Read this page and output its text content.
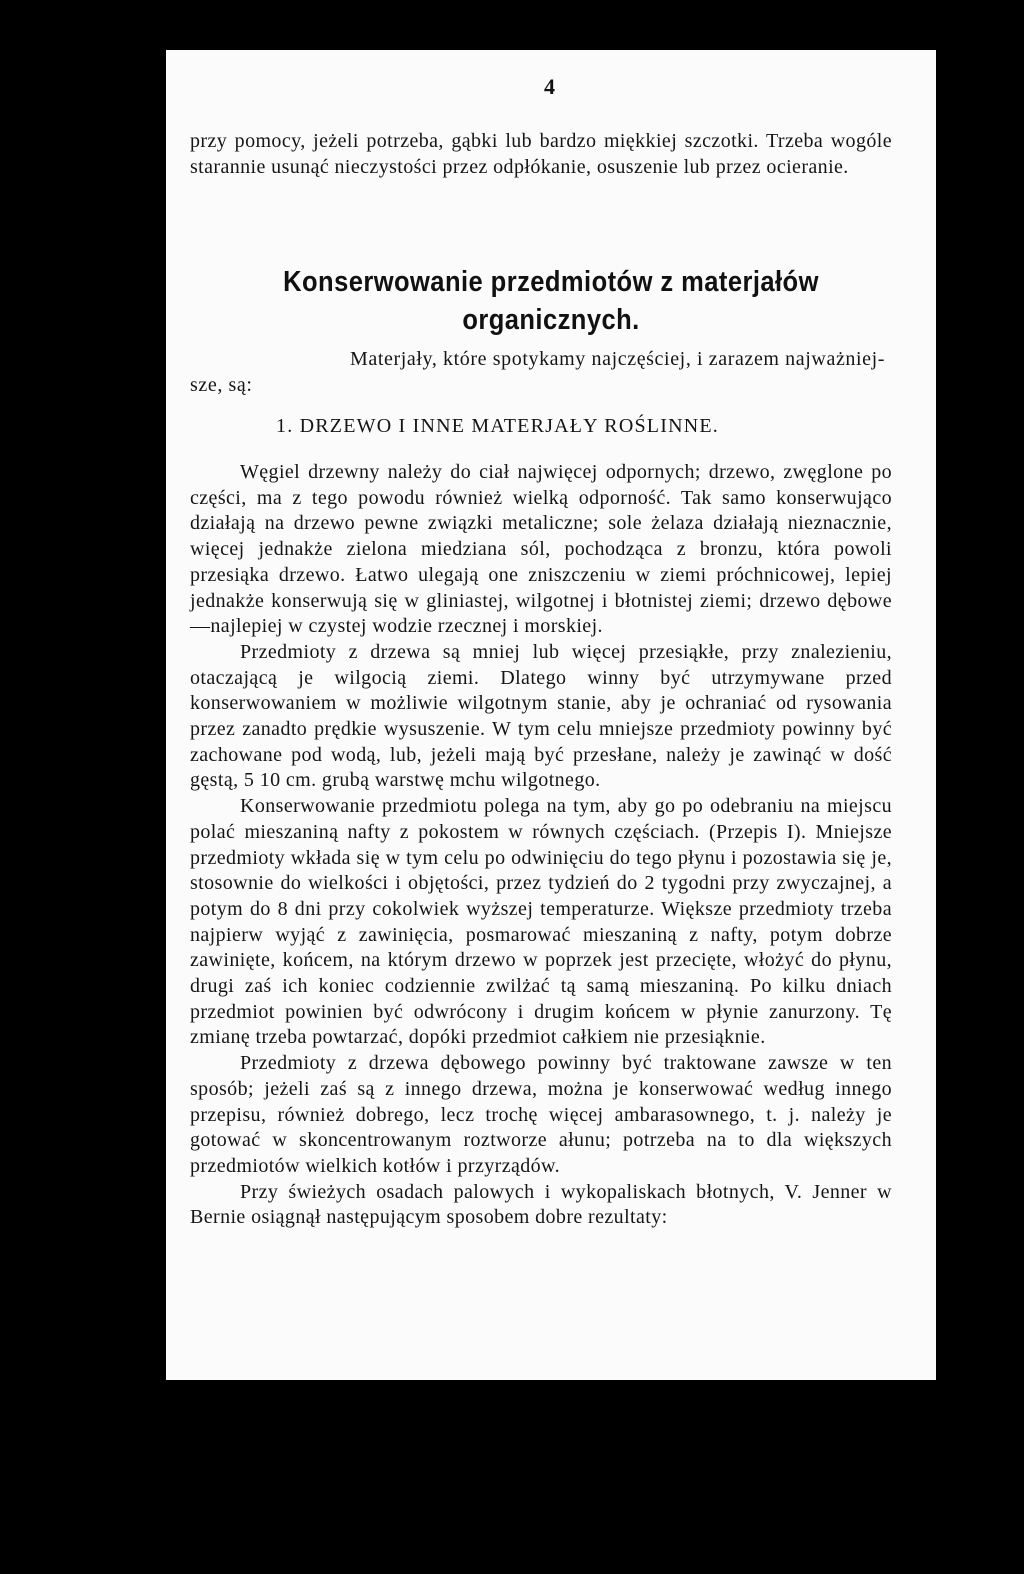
4
przy pomocy, jeżeli potrzeba, gąbki lub bardzo miękkiej szczotki. Trzeba wogóle starannie usunąć nieczystości przez odpłókanie, osuszenie lub przez ocieranie.
Konserwowanie przedmiotów z materjałów
organicznych.
Materjały, które spotykamy najczęściej, i zarazem najważniej-
sze, są:
1. DRZEWO I INNE MATERJAŁY ROŚLINNE.

Węgiel drzewny należy do ciał najwięcej odpornych; drzewo, zwęglone po części, ma z tego powodu również wielką odporność. Tak samo konserwująco działają na drzewo pewne związki metaliczne; sole żelaza działają nieznacznie, więcej jednakże zielona miedziana sól, pochodząca z bronzu, która powoli przesiąka drzewo. Łatwo ulegają one zniszczeniu w ziemi próchnicowej, lepiej jednakże konserwują się w gliniastej, wilgotnej i błotnistej ziemi; drzewo dębowe—najlepiej w czystej wodzie rzecznej i morskiej.

Przedmioty z drzewa są mniej lub więcej przesiąkłe, przy znalezieniu, otaczającą je wilgocią ziemi. Dlatego winny być utrzymywane przed konserwowaniem w możliwie wilgotnym stanie, aby je ochraniać od rysowania przez zanadto prędkie wysuszenie. W tym celu mniejsze przedmioty powinny być zachowane pod wodą, lub, jeżeli mają być przesłane, należy je zawinąć w dość gęstą, 5 10 cm. grubą warstwę mchu wilgotnego.

Konserwowanie przedmiotu polega na tym, aby go po odebraniu na miejscu polać mieszaniną nafty z pokostem w równych częściach. (Przepis I). Mniejsze przedmioty wkłada się w tym celu po odwinięciu do tego płynu i pozostawia się je, stosownie do wielkości i objętości, przez tydzień do 2 tygodni przy zwyczajnej, a potym do 8 dni przy cokolwiek wyższej temperaturze. Większe przedmioty trzeba najpierw wyjąć z zawinięcia, posmarować mieszaniną z nafty, potym dobrze zawinięte, końcem, na którym drzewo w poprzek jest przecięte, włożyć do płynu, drugi zaś ich koniec codziennie zwilżać tą samą mieszaniną. Po kilku dniach przedmiot powinien być odwrócony i drugim końcem w płynie zanurzony. Tę zmianę trzeba powtarzać, dopóki przedmiot całkiem nie przesiąknie.

Przedmioty z drzewa dębowego powinny być traktowane zawsze w ten sposób; jeżeli zaś są z innego drzewa, można je konserwować według innego przepisu, również dobrego, lecz trochę więcej ambarasownego, t. j. należy je gotować w skoncentrowanym roztworze ałunu; potrzeba na to dla większych przedmiotów wielkich kotłów i przyrządów.

Przy świeżych osadach palowych i wykopaliskach błotnych, V. Jenner w Bernie osiągnął następującym sposobem dobre rezultaty:
